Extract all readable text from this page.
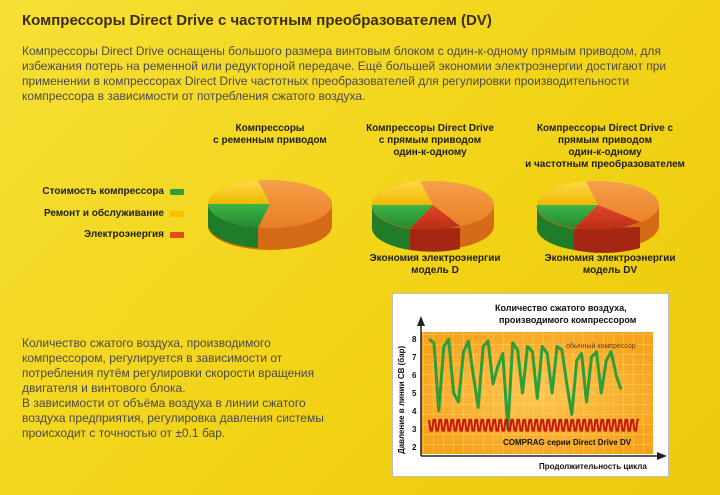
Компрессоры Direct Drive с частотным преобразователем (DV)
Компрессоры Direct Drive оснащены большого размера винтовым блоком с один-к-одному прямым приводом, для избежания потерь на ременной или редукторной передаче. Ещё большей экономии электроэнергии достигают при применении в компрессорах Direct Drive частотных преобразователей для регулировки производительности компрессора в зависимости от потребления сжатого воздуха.
Компрессоры
с ременным приводом
Компрессоры Direct Drive
с прямым приводом
один-к-одному
Компрессоры Direct Drive с
прямым приводом
один-к-одному
и частотным преобразователем
Стоимость компрессора
Ремонт и обслуживание
Электроэнергия
Экономия электроэнергии
модель D
Экономия электроэнергии
модель DV
Количество сжатого воздуха, производимого компрессором, регулируется в зависимости от потребления путём регулировки скорости вращения двигателя и винтового блока.
В зависимости от объёма воздуха в линии сжатого воздуха предприятия, регулировка давления системы происходит с точностью от ±0.1 бар.
Количество сжатого воздуха,
производимого компрессором
обычный компрессор
COMPRAG серии Direct Drive DV
Продолжительность цикла
Давление в линии СВ (бар) 2
3
4
5
6
7
8
